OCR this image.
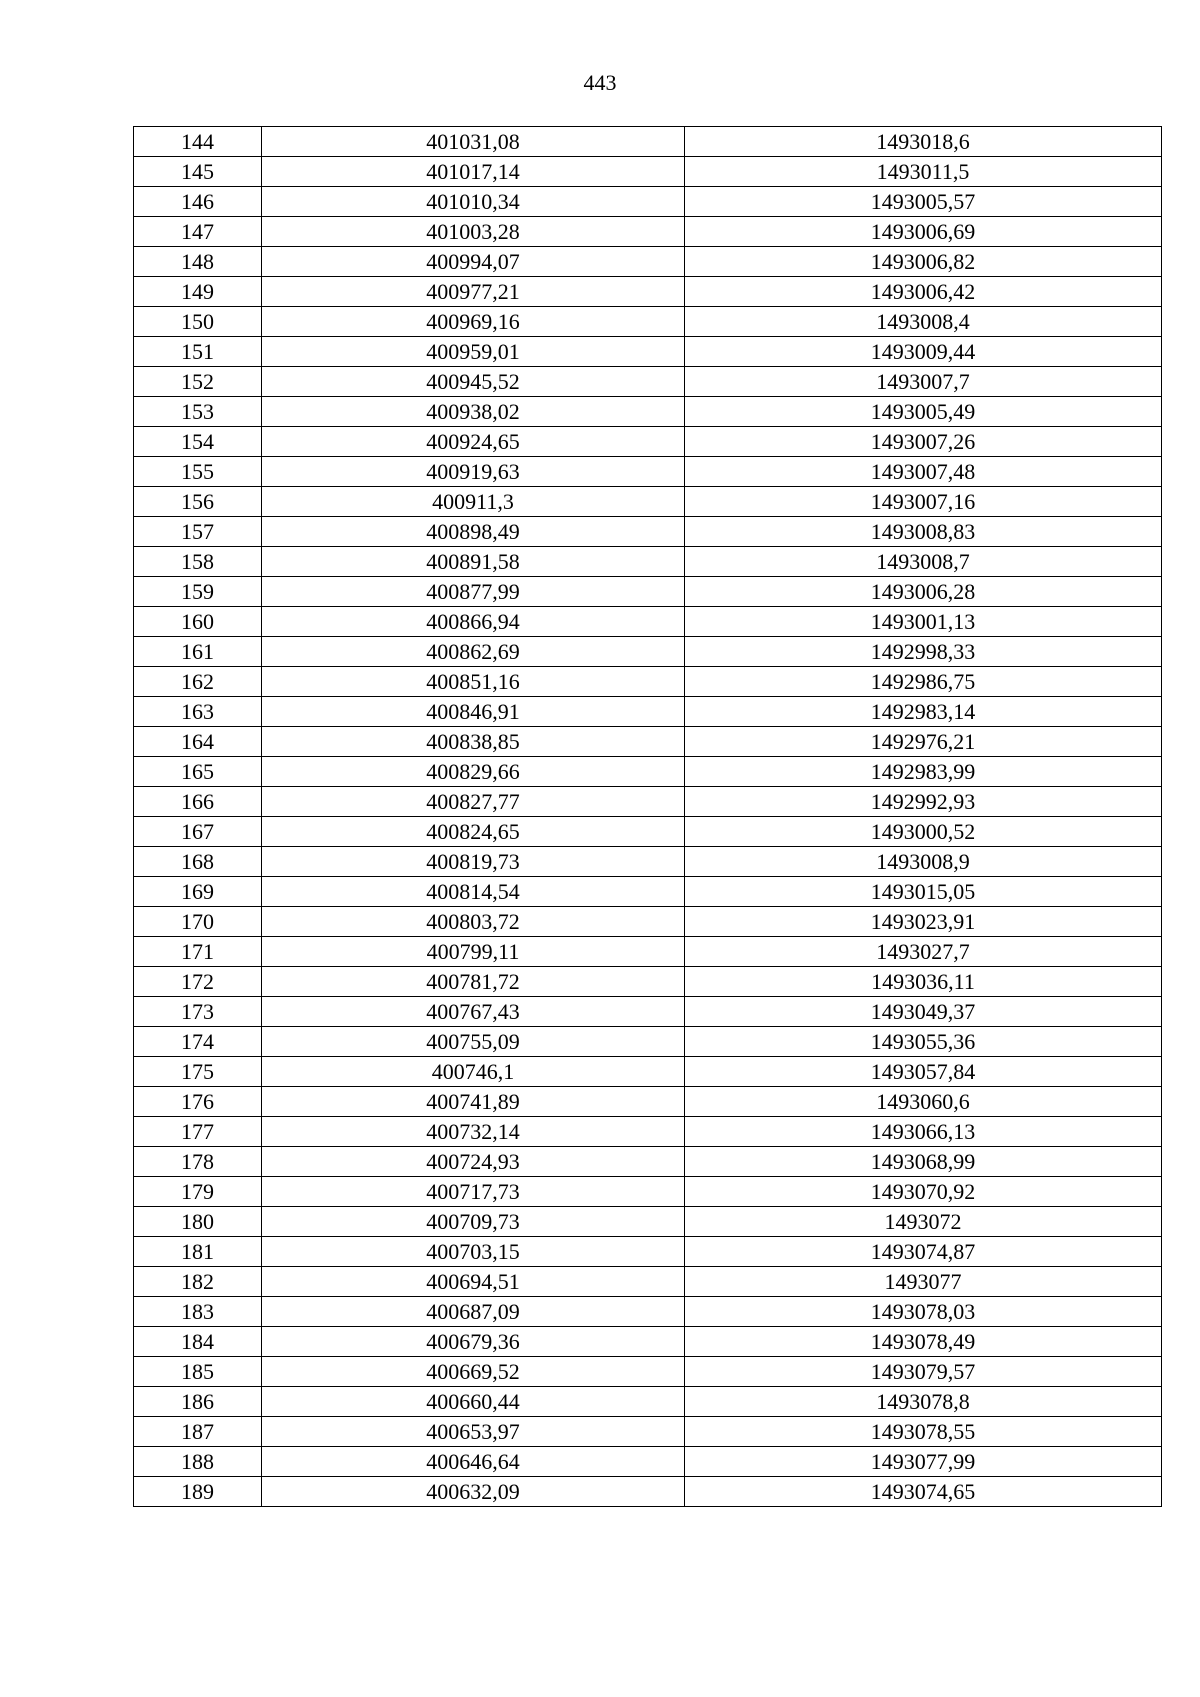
443
144	401031,08	1493018,6
145	401017,14	1493011,5
146	401010,34	1493005,57
147	401003,28	1493006,69
148	400994,07	1493006,82
149	400977,21	1493006,42
150	400969,16	1493008,4
151	400959,01	1493009,44
152	400945,52	1493007,7
153	400938,02	1493005,49
154	400924,65	1493007,26
155	400919,63	1493007,48
156	400911,3	1493007,16
157	400898,49	1493008,83
158	400891,58	1493008,7
159	400877,99	1493006,28
160	400866,94	1493001,13
161	400862,69	1492998,33
162	400851,16	1492986,75
163	400846,91	1492983,14
164	400838,85	1492976,21
165	400829,66	1492983,99
166	400827,77	1492992,93
167	400824,65	1493000,52
168	400819,73	1493008,9
169	400814,54	1493015,05
170	400803,72	1493023,91
171	400799,11	1493027,7
172	400781,72	1493036,11
173	400767,43	1493049,37
174	400755,09	1493055,36
175	400746,1	1493057,84
176	400741,89	1493060,6
177	400732,14	1493066,13
178	400724,93	1493068,99
179	400717,73	1493070,92
180	400709,73	1493072
181	400703,15	1493074,87
182	400694,51	1493077
183	400687,09	1493078,03
184	400679,36	1493078,49
185	400669,52	1493079,57
186	400660,44	1493078,8
187	400653,97	1493078,55
188	400646,64	1493077,99
189	400632,09	1493074,65
